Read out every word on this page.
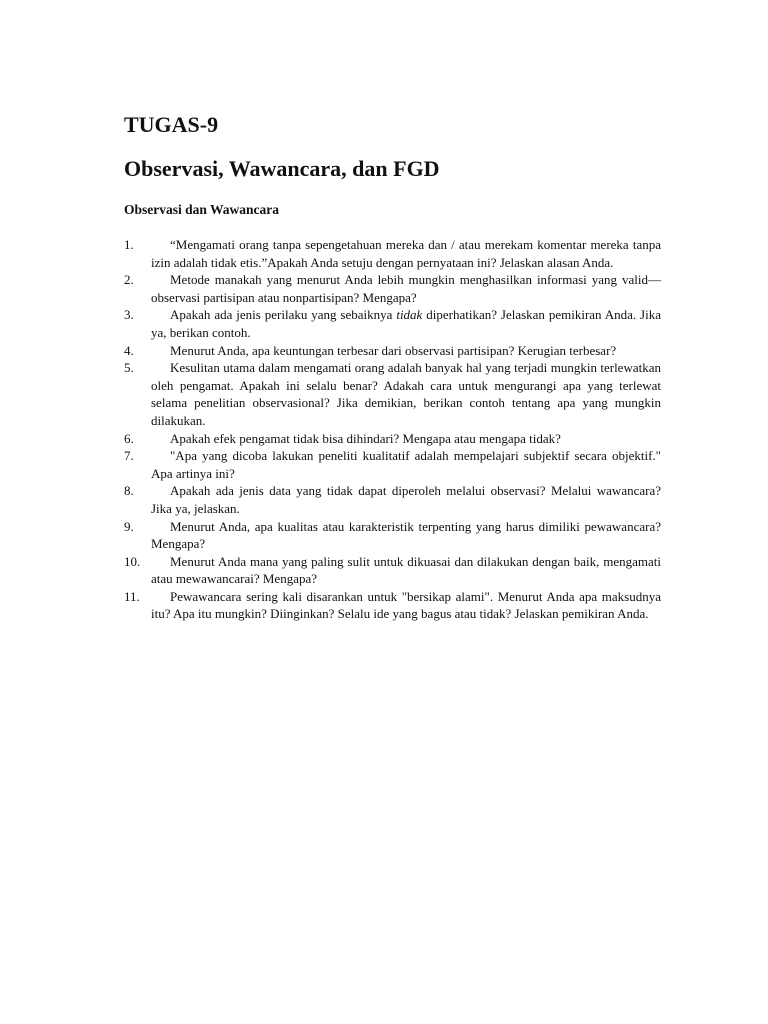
TUGAS-9
Observasi, Wawancara, dan FGD
Observasi dan Wawancara
1.	“Mengamati orang tanpa sepengetahuan mereka dan / atau merekam komentar mereka tanpa izin adalah tidak etis.”Apakah Anda setuju dengan pernyataan ini? Jelaskan alasan Anda.
2.	Metode manakah yang menurut Anda lebih mungkin menghasilkan informasi yang valid—observasi partisipan atau nonpartisipan? Mengapa?
3.	Apakah ada jenis perilaku yang sebaiknya tidak diperhatikan? Jelaskan pemikiran Anda. Jika ya, berikan contoh.
4.	Menurut Anda, apa keuntungan terbesar dari observasi partisipan? Kerugian terbesar?
5.	Kesulitan utama dalam mengamati orang adalah banyak hal yang terjadi mungkin terlewatkan oleh pengamat. Apakah ini selalu benar? Adakah cara untuk mengurangi apa yang terlewat selama penelitian observasional? Jika demikian, berikan contoh tentang apa yang mungkin dilakukan.
6.	Apakah efek pengamat tidak bisa dihindari? Mengapa atau mengapa tidak?
7.	"Apa yang dicoba lakukan peneliti kualitatif adalah mempelajari subjektif secara objektif." Apa artinya ini?
8.	Apakah ada jenis data yang tidak dapat diperoleh melalui observasi? Melalui wawancara? Jika ya, jelaskan.
9.	Menurut Anda, apa kualitas atau karakteristik terpenting yang harus dimiliki pewawancara? Mengapa?
10. Menurut Anda mana yang paling sulit untuk dikuasai dan dilakukan dengan baik, mengamati atau mewawancarai? Mengapa?
11. Pewawancara sering kali disarankan untuk "bersikap alami". Menurut Anda apa maksudnya itu? Apa itu mungkin? Diinginkan? Selalu ide yang bagus atau tidak? Jelaskan pemikiran Anda.
